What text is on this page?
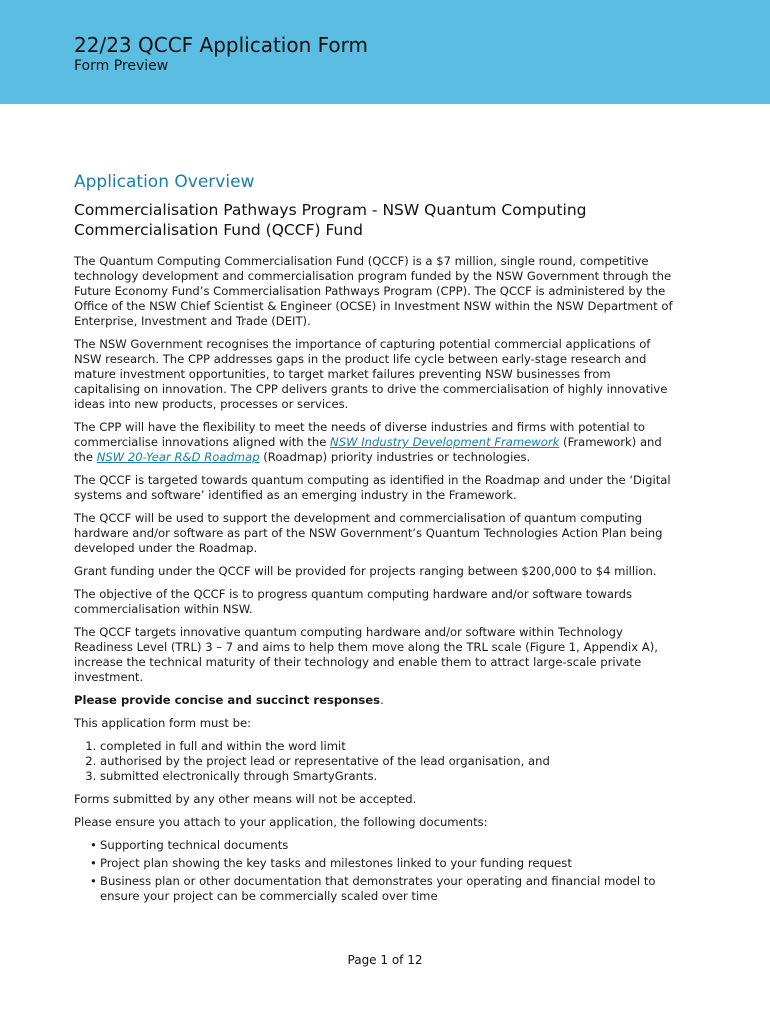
22/23 QCCF Application Form
Form Preview
Application Overview
Commercialisation Pathways Program - NSW Quantum Computing Commercialisation Fund (QCCF) Fund

The Quantum Computing Commercialisation Fund (QCCF) is a $7 million, single round, competitive technology development and commercialisation program funded by the NSW Government through the Future Economy Fund’s Commercialisation Pathways Program (CPP). The QCCF is administered by the Office of the NSW Chief Scientist & Engineer (OCSE) in Investment NSW within the NSW Department of Enterprise, Investment and Trade (DEIT).

The NSW Government recognises the importance of capturing potential commercial applications of NSW research. The CPP addresses gaps in the product life cycle between early-stage research and mature investment opportunities, to target market failures preventing NSW businesses from capitalising on innovation. The CPP delivers grants to drive the commercialisation of highly innovative ideas into new products, processes or services.

The CPP will have the flexibility to meet the needs of diverse industries and firms with potential to commercialise innovations aligned with the NSW Industry Development Framework (Framework) and the NSW 20-Year R&D Roadmap (Roadmap) priority industries or technologies.

The QCCF is targeted towards quantum computing as identified in the Roadmap and under the ‘Digital systems and software’ identified as an emerging industry in the Framework.

The QCCF will be used to support the development and commercialisation of quantum computing hardware and/or software as part of the NSW Government’s Quantum Technologies Action Plan being developed under the Roadmap.

Grant funding under the QCCF will be provided for projects ranging between $200,000 to $4 million.

The objective of the QCCF is to progress quantum computing hardware and/or software towards commercialisation within NSW.

The QCCF targets innovative quantum computing hardware and/or software within Technology Readiness Level (TRL) 3 – 7 and aims to help them move along the TRL scale (Figure 1, Appendix A), increase the technical maturity of their technology and enable them to attract large-scale private investment.

Please provide concise and succinct responses.

This application form must be:

1. completed in full and within the word limit
2. authorised by the project lead or representative of the lead organisation, and
3. submitted electronically through SmartyGrants.

Forms submitted by any other means will not be accepted.

Please ensure you attach to your application, the following documents:

• Supporting technical documents
• Project plan showing the key tasks and milestones linked to your funding request
• Business plan or other documentation that demonstrates your operating and financial model to ensure your project can be commercially scaled over time
Page 1 of 12
